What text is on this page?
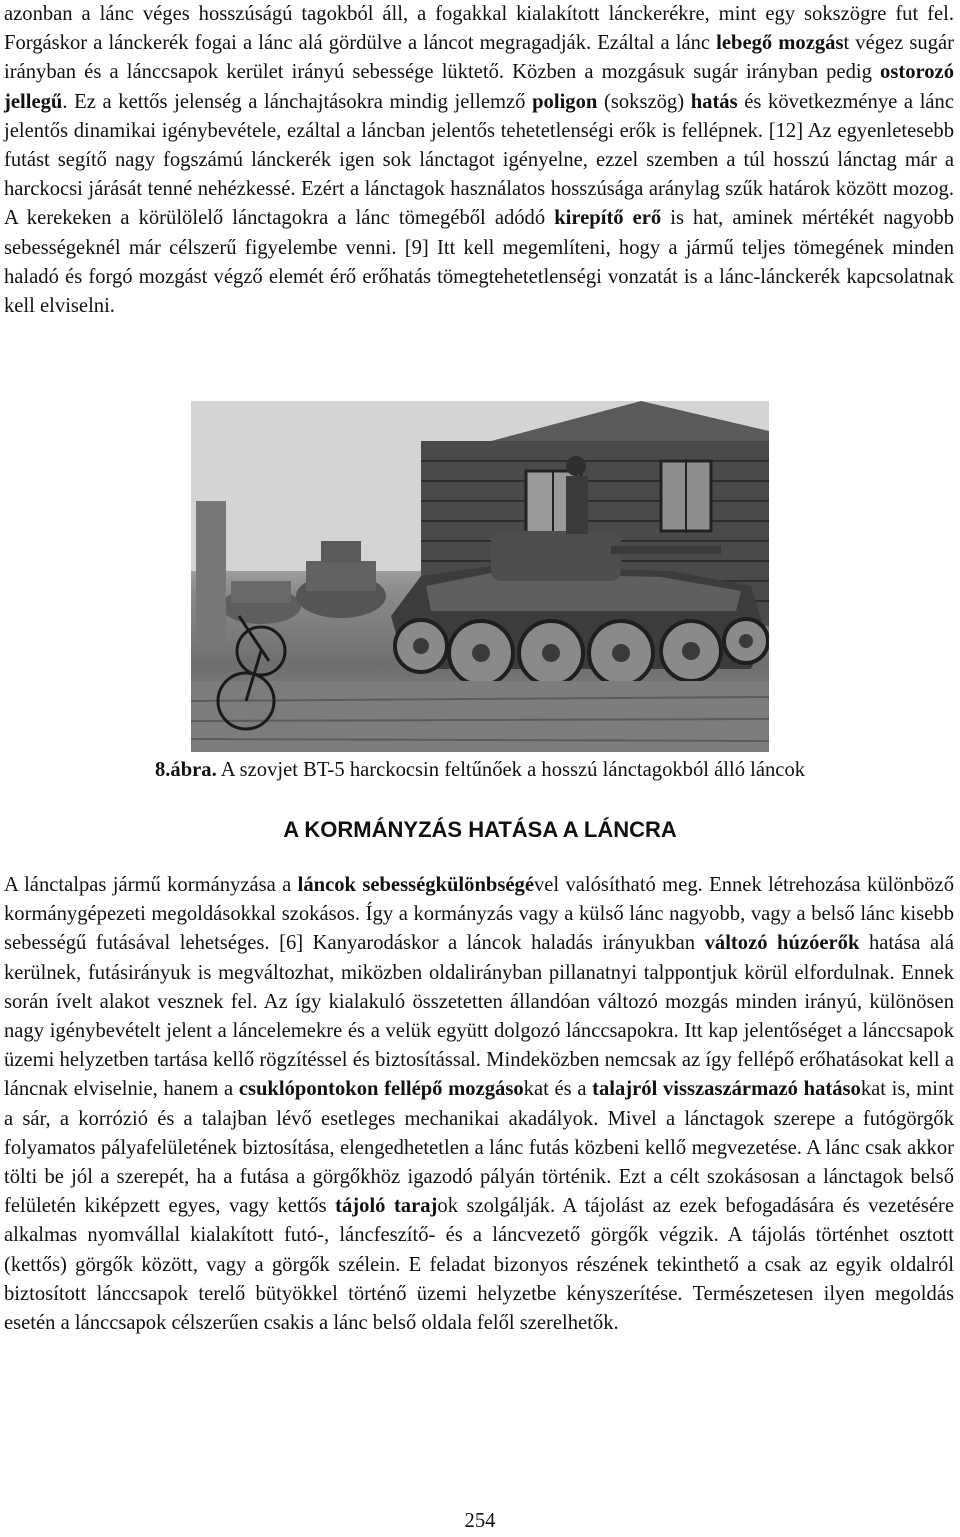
azonban a lánc véges hosszúságú tagokból áll, a fogakkal kialakított lánckerékre, mint egy sokszögre fut fel. Forgáskor a lánckerék fogai a lánc alá gördülve a láncot megragadják. Ezáltal a lánc lebegő mozgást végez sugár irányban és a lánccsapok kerület irányú sebessége lüktető. Közben a mozgásuk sugár irányban pedig ostorozó jellegű. Ez a kettős jelenség a lánchajtásokra mindig jellemző poligon (sokszög) hatás és következménye a lánc jelentős dinamikai igénybevétele, ezáltal a láncban jelentős tehetetlenségi erők is fellépnek. [12] Az egyenletesebb futást segítő nagy fogszámú lánckerék igen sok lánctagot igényelne, ezzel szemben a túl hosszú lánctag már a harckocsi járását tenné nehézkessé. Ezért a lánctagok használatos hosszúsága aránylag szűk határok között mozog. A kerekeken a körülölelő lánctagokra a lánc tömegéből adódó kirepítő erő is hat, aminek mértékét nagyobb sebességeknél már célszerű figyelembe venni. [9] Itt kell megemlíteni, hogy a jármű teljes tömegének minden haladó és forgó mozgást végző elemét érő erőhatás tömegtehetetlenségi vonzatát is a lánc-lánckerék kapcsolatnak kell elviselni.

8.ábra. A szovjet BT-5 harckocsin feltűnőek a hosszú lánctagokból álló láncok
A KORMÁNYZÁS HATÁSA A LÁNCRA

A lánctalpas jármű kormányzása a láncok sebességkülönbségével valósítható meg. Ennek létrehozása különböző kormánygépezeti megoldásokkal szokásos. Így a kormányzás vagy a külső lánc nagyobb, vagy a belső lánc kisebb sebességű futásával lehetséges. [6] Kanyarodáskor a láncok haladás irányukban változó húzóerők hatása alá kerülnek, futásirányuk is megváltozhat, miközben oldalirányban pillanatnyi talppontjuk körül elfordulnak. Ennek során ívelt alakot vesznek fel. Az így kialakuló összetetten állandóan változó mozgás minden irányú, különösen nagy igénybevételt jelent a láncelemekre és a velük együtt dolgozó lánccsapokra. Itt kap jelentőséget a lánccsapok üzemi helyzetben tartása kellő rögzítéssel és biztosítással. Mindeközben nemcsak az így fellépő erőhatásokat kell a láncnak elviselnie, hanem a csuklópontokon fellépő mozgásokat és a talajról visszaszármazó hatásokat is, mint a sár, a korrózió és a talajban lévő esetleges mechanikai akadályok. Mivel a lánctagok szerepe a futógörgők folyamatos pályafelületének biztosítása, elengedhetetlen a lánc futás közbeni kellő megvezetése. A lánc csak akkor tölti be jól a szerepét, ha a futása a görgőkhöz igazodó pályán történik. Ezt a célt szokásosan a lánctagok belső felületén kiképzett egyes, vagy kettős tájoló tarajok szolgálják. A tájolást az ezek befogadására és vezetésére alkalmas nyomvállal kialakított futó-, láncfeszítő- és a láncvezető görgők végzik. A tájolás történhet osztott (kettős) görgők között, vagy a görgők szélein. E feladat bizonyos részének tekinthető a csak az egyik oldalról biztosított lánccsapok terelő bütyökkel történő üzemi helyzetbe kényszerítése. Természetesen ilyen megoldás esetén a lánccsapok célszerűen csakis a lánc belső oldala felől szerelhetők.

254
